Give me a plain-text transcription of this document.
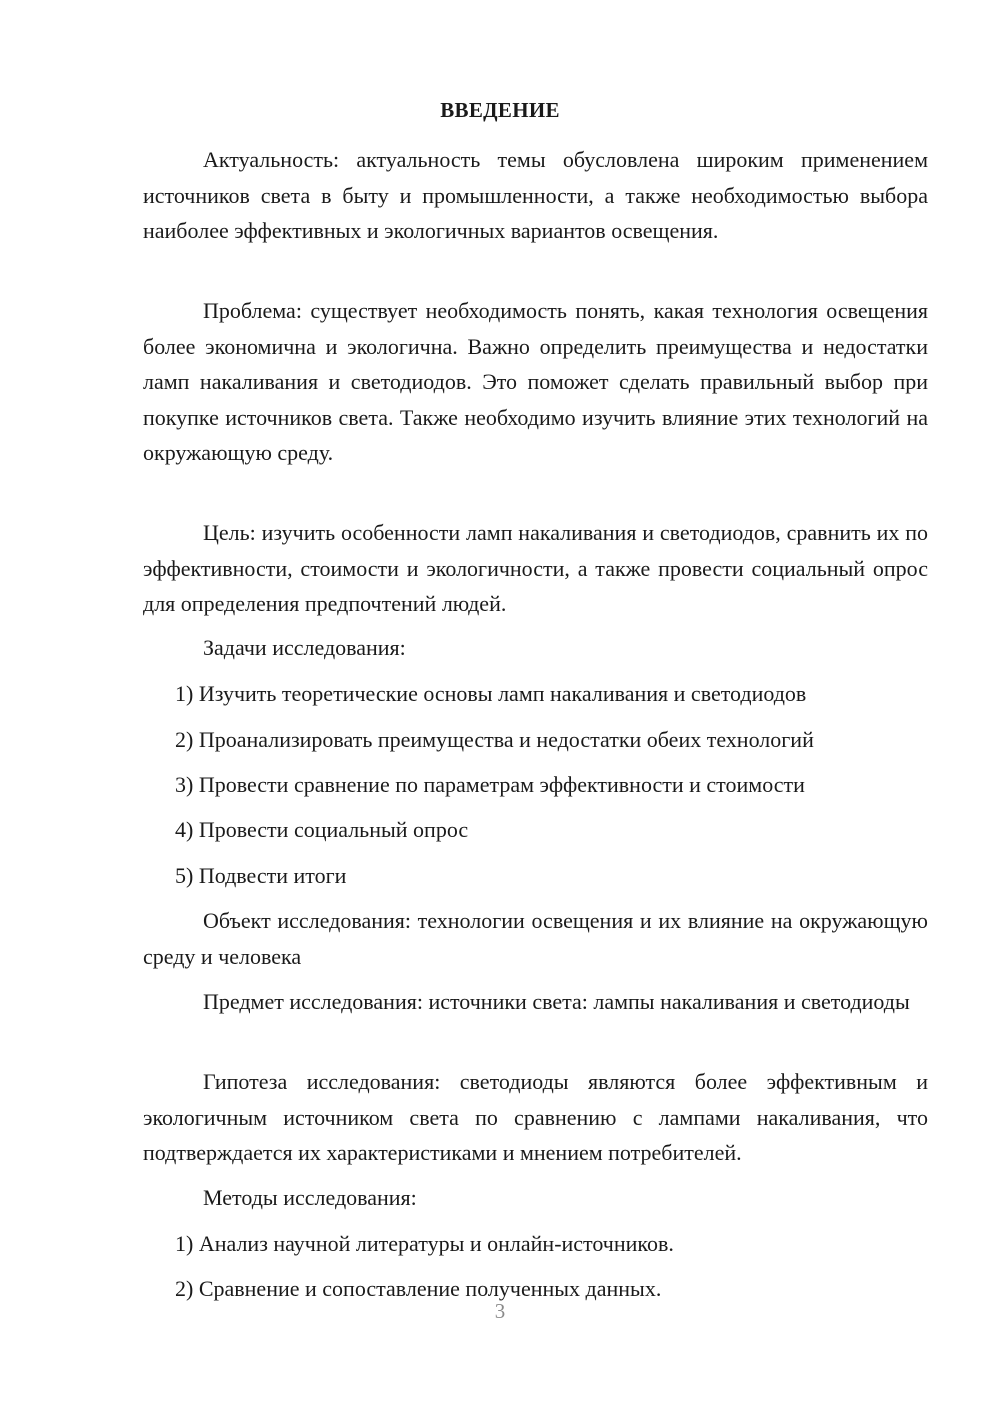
ВВЕДЕНИЕ

Актуальность: актуальность темы обусловлена широким применением источников света в быту и промышленности, а также необходимостью выбора наиболее эффективных и экологичных вариантов освещения.

Проблема: существует необходимость понять, какая технология освещения более экономична и экологична. Важно определить преимущества и недостатки ламп накаливания и светодиодов. Это поможет сделать правильный выбор при покупке источников света. Также необходимо изучить влияние этих технологий на окружающую среду.

Цель: изучить особенности ламп накаливания и светодиодов, сравнить их по эффективности, стоимости и экологичности, а также провести социальный опрос для определения предпочтений людей.

Задачи исследования:

1) Изучить теоретические основы ламп накаливания и светодиодов

2) Проанализировать преимущества и недостатки обеих технологий

3) Провести сравнение по параметрам эффективности и стоимости

4) Провести социальный опрос

5) Подвести итоги

Объект исследования: технологии освещения и их влияние на окружающую среду и человека

Предмет исследования: источники света: лампы накаливания и светодиоды

Гипотеза исследования: светодиоды являются более эффективным и экологичным источником света по сравнению с лампами накаливания, что подтверждается их характеристиками и мнением потребителей.

Методы исследования:

1) Анализ научной литературы и онлайн-источников.

2) Сравнение и сопоставление полученных данных.

3
